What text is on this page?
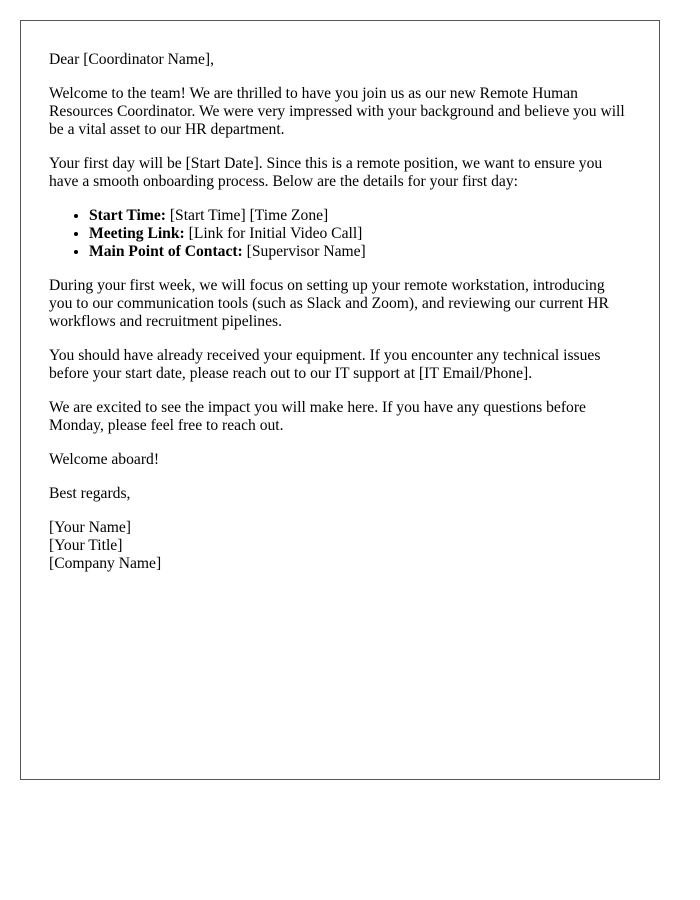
Dear [Coordinator Name],

Welcome to the team! We are thrilled to have you join us as our new Remote Human Resources Coordinator. We were very impressed with your background and believe you will be a vital asset to our HR department.

Your first day will be [Start Date]. Since this is a remote position, we want to ensure you have a smooth onboarding process. Below are the details for your first day:

• Start Time: [Start Time] [Time Zone]
• Meeting Link: [Link for Initial Video Call]
• Main Point of Contact: [Supervisor Name]

During your first week, we will focus on setting up your remote workstation, introducing you to our communication tools (such as Slack and Zoom), and reviewing our current HR workflows and recruitment pipelines.

You should have already received your equipment. If you encounter any technical issues before your start date, please reach out to our IT support at [IT Email/Phone].

We are excited to see the impact you will make here. If you have any questions before Monday, please feel free to reach out.

Welcome aboard!

Best regards,

[Your Name]
[Your Title]
[Company Name]
